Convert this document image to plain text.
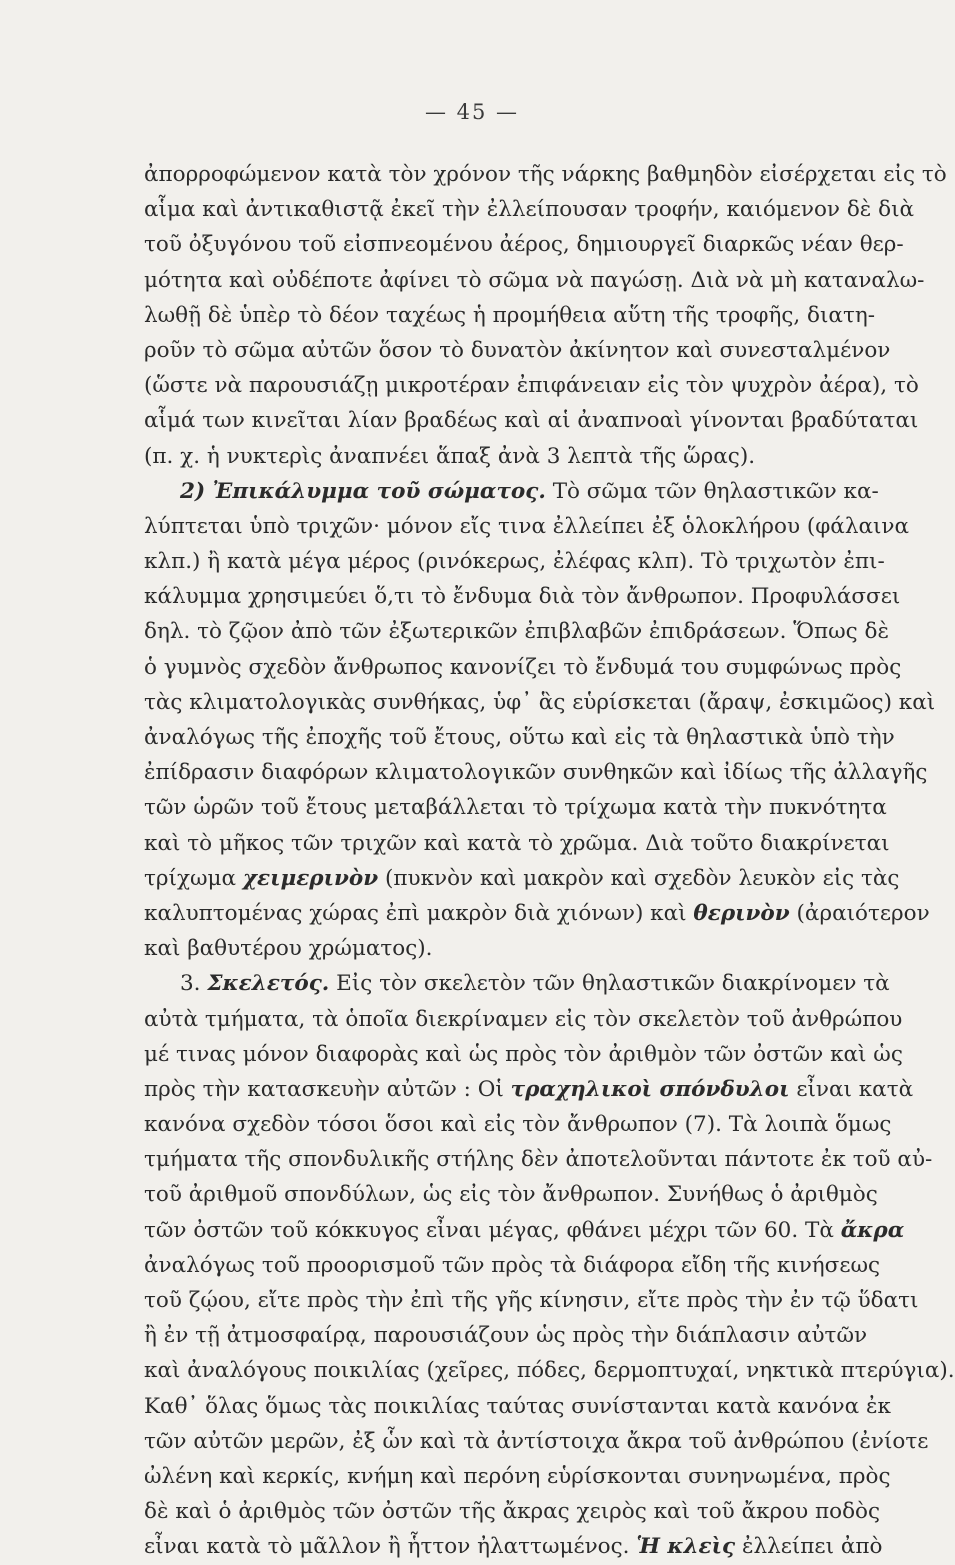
— 45 —
ἀπορροφώμενον κατὰ τὸν χρόνον τῆς νάρκης βαθμηδὸν εἰσέρχεται εἰς τὸ
αἷμα καὶ ἀντικαθιστᾷ ἐκεῖ τὴν ἐλλείπουσαν τροφήν, καιόμενον δὲ διὰ
τοῦ ὀξυγόνου τοῦ εἰσπνεομένου ἀέρος, δημιουργεῖ διαρκῶς νέαν θερ-
μότητα καὶ οὐδέποτε ἀφίνει τὸ σῶμα νὰ παγώσῃ. Διὰ νὰ μὴ καταναλω-
λωθῇ δὲ ὑπὲρ τὸ δέον ταχέως ἡ προμήθεια αὕτη τῆς τροφῆς, διατη-
ροῦν τὸ σῶμα αὐτῶν ὅσον τὸ δυνατὸν ἀκίνητον καὶ συνεσταλμένον
(ὥστε νὰ παρουσιάζῃ μικροτέραν ἐπιφάνειαν εἰς τὸν ψυχρὸν ἀέρα), τὸ
αἷμά των κινεῖται λίαν βραδέως καὶ αἱ ἀναπνοαὶ γίνονται βραδύταται
(π. χ. ἡ νυκτερὶς ἀναπνέει ἅπαξ ἀνὰ 3 λεπτὰ τῆς ὥρας).
2) Ἐπικάλυμμα τοῦ σώματος. Τὸ σῶμα τῶν θηλαστικῶν κα-
λύπτεται ὑπὸ τριχῶν· μόνον εἴς τινα ἐλλείπει ἐξ ὁλοκλήρου (φάλαινα
κλπ.) ἢ κατὰ μέγα μέρος (ρινόκερως, ἐλέφας κλπ). Τὸ τριχωτὸν ἐπι-
κάλυμμα χρησιμεύει ὅ,τι τὸ ἔνδυμα διὰ τὸν ἄνθρωπον. Προφυλάσσει
δηλ. τὸ ζῷον ἀπὸ τῶν ἐξωτερικῶν ἐπιβλαβῶν ἐπιδράσεων. Ὅπως δὲ
ὁ γυμνὸς σχεδὸν ἄνθρωπος κανονίζει τὸ ἔνδυμά του συμφώνως πρὸς
τὰς κλιματολογικὰς συνθήκας, ὑφ᾽ ἃς εὑρίσκεται (ἄραψ, ἐσκιμῶος) καὶ
ἀναλόγως τῆς ἐποχῆς τοῦ ἔτους, οὕτω καὶ εἰς τὰ θηλαστικὰ ὑπὸ τὴν
ἐπίδρασιν διαφόρων κλιματολογικῶν συνθηκῶν καὶ ἰδίως τῆς ἀλλαγῆς
τῶν ὡρῶν τοῦ ἔτους μεταβάλλεται τὸ τρίχωμα κατὰ τὴν πυκνότητα
καὶ τὸ μῆκος τῶν τριχῶν καὶ κατὰ τὸ χρῶμα. Διὰ τοῦτο διακρίνεται
τρίχωμα χειμερινὸν (πυκνὸν καὶ μακρὸν καὶ σχεδὸν λευκὸν εἰς τὰς
καλυπτομένας χώρας ἐπὶ μακρὸν διὰ χιόνων) καὶ θερινὸν (ἀραιότερον
καὶ βαθυτέρου χρώματος).
3. Σκελετός. Εἰς τὸν σκελετὸν τῶν θηλαστικῶν διακρίνομεν τὰ
αὐτὰ τμήματα, τὰ ὁποῖα διεκρίναμεν εἰς τὸν σκελετὸν τοῦ ἀνθρώπου
μέ τινας μόνον διαφορὰς καὶ ὡς πρὸς τὸν ἀριθμὸν τῶν ὀστῶν καὶ ὡς
πρὸς τὴν κατασκευὴν αὐτῶν : Οἱ τραχηλικοὶ σπόνδυλοι εἶναι κατὰ
κανόνα σχεδὸν τόσοι ὅσοι καὶ εἰς τὸν ἄνθρωπον (7). Τὰ λοιπὰ ὅμως
τμήματα τῆς σπονδυλικῆς στήλης δὲν ἀποτελοῦνται πάντοτε ἐκ τοῦ αὐ-
τοῦ ἀριθμοῦ σπονδύλων, ὡς εἰς τὸν ἄνθρωπον. Συνήθως ὁ ἀριθμὸς
τῶν ὀστῶν τοῦ κόκκυγος εἶναι μέγας, φθάνει μέχρι τῶν 60. Τὰ ἄκρα
ἀναλόγως τοῦ προορισμοῦ τῶν πρὸς τὰ διάφορα εἴδη τῆς κινήσεως
τοῦ ζῴου, εἴτε πρὸς τὴν ἐπὶ τῆς γῆς κίνησιν, εἴτε πρὸς τὴν ἐν τῷ ὕδατι
ἢ ἐν τῇ ἀτμοσφαίρᾳ, παρουσιάζουν ὡς πρὸς τὴν διάπλασιν αὐτῶν
καὶ ἀναλόγους ποικιλίας (χεῖρες, πόδες, δερμοπτυχαί, νηκτικὰ πτερύγια).
Καθ᾽ ὅλας ὅμως τὰς ποικιλίας ταύτας συνίστανται κατὰ κανόνα ἐκ
τῶν αὐτῶν μερῶν, ἐξ ὧν καὶ τὰ ἀντίστοιχα ἄκρα τοῦ ἀνθρώπου (ἐνίοτε
ὠλένη καὶ κερκίς, κνήμη καὶ περόνη εὑρίσκονται συνηνωμένα, πρὸς
δὲ καὶ ὁ ἀριθμὸς τῶν ὀστῶν τῆς ἄκρας χειρὸς καὶ τοῦ ἄκρου ποδὸς
εἶναι κατὰ τὸ μᾶλλον ἢ ἧττον ἠλαττωμένος. Ἡ κλεὶς ἐλλείπει ἀπὸ
